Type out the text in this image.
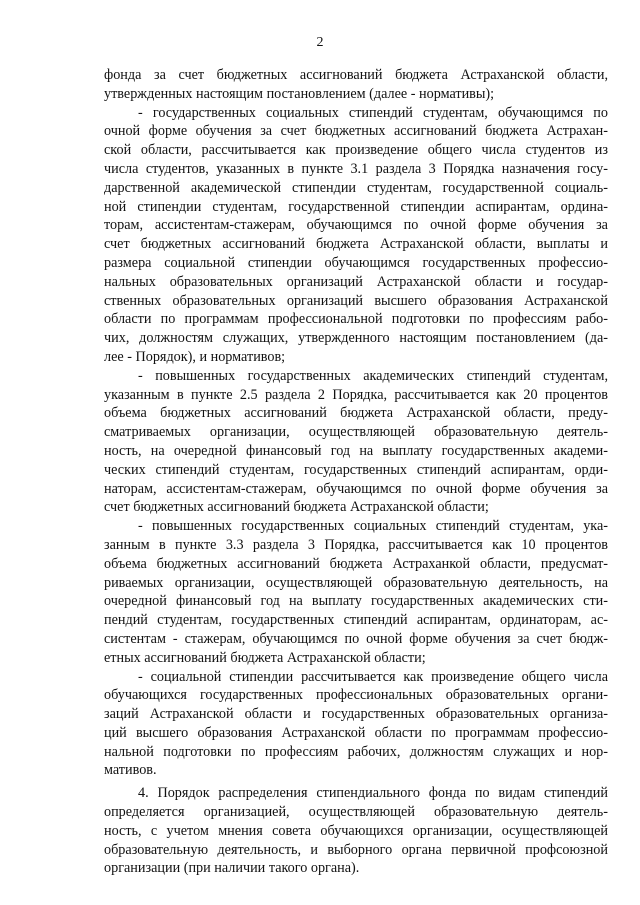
2
фонда за счет бюджетных ассигнований бюджета Астраханской области,
утвержденных настоящим постановлением (далее - нормативы);
- государственных социальных стипендий студентам, обучающимся по
очной форме обучения за счет бюджетных ассигнований бюджета Астрахан-
ской области, рассчитывается как произведение общего числа студентов из
числа студентов, указанных в пункте 3.1 раздела 3 Порядка назначения госу-
дарственной академической стипендии студентам, государственной социаль-
ной стипендии студентам, государственной стипендии аспирантам, ордина-
торам, ассистентам-стажерам, обучающимся по очной форме обучения за
счет бюджетных ассигнований бюджета Астраханской области, выплаты и
размера социальной стипендии обучающимся государственных профессио-
нальных образовательных организаций Астраханской области и государ-
ственных образовательных организаций высшего образования Астраханской
области по программам профессиональной подготовки по профессиям рабо-
чих, должностям служащих, утвержденного настоящим постановлением (да-
лее - Порядок), и нормативов;
- повышенных государственных академических стипендий студентам,
указанным в пункте 2.5 раздела 2 Порядка, рассчитывается как 20 процентов
объема бюджетных ассигнований бюджета Астраханской области, преду-
сматриваемых организации, осуществляющей образовательную деятель-
ность, на очередной финансовый год на выплату государственных академи-
ческих стипендий студентам, государственных стипендий аспирантам, орди-
наторам, ассистентам-стажерам, обучающимся по очной форме обучения за
счет бюджетных ассигнований бюджета Астраханской области;
- повышенных государственных социальных стипендий студентам, ука-
занным в пункте 3.3 раздела 3 Порядка, рассчитывается как 10 процентов
объема бюджетных ассигнований бюджета Астраханкой области, предусмат-
риваемых организации, осуществляющей образовательную деятельность, на
очередной финансовый год на выплату государственных академических сти-
пендий студентам, государственных стипендий аспирантам, ординаторам, ас-
систентам - стажерам, обучающимся по очной форме обучения за счет бюдж-
етных ассигнований бюджета Астраханской области;
- социальной стипендии рассчитывается как произведение общего числа
обучающихся государственных профессиональных образовательных органи-
заций Астраханской области и государственных образовательных организа-
ций высшего образования Астраханской области по программам профессио-
нальной подготовки по профессиям рабочих, должностям служащих и нор-
мативов.
4. Порядок распределения стипендиального фонда по видам стипендий
определяется организацией, осуществляющей образовательную деятель-
ность, с учетом мнения совета обучающихся организации, осуществляющей
образовательную деятельность, и выборного органа первичной профсоюзной
организации (при наличии такого органа).
